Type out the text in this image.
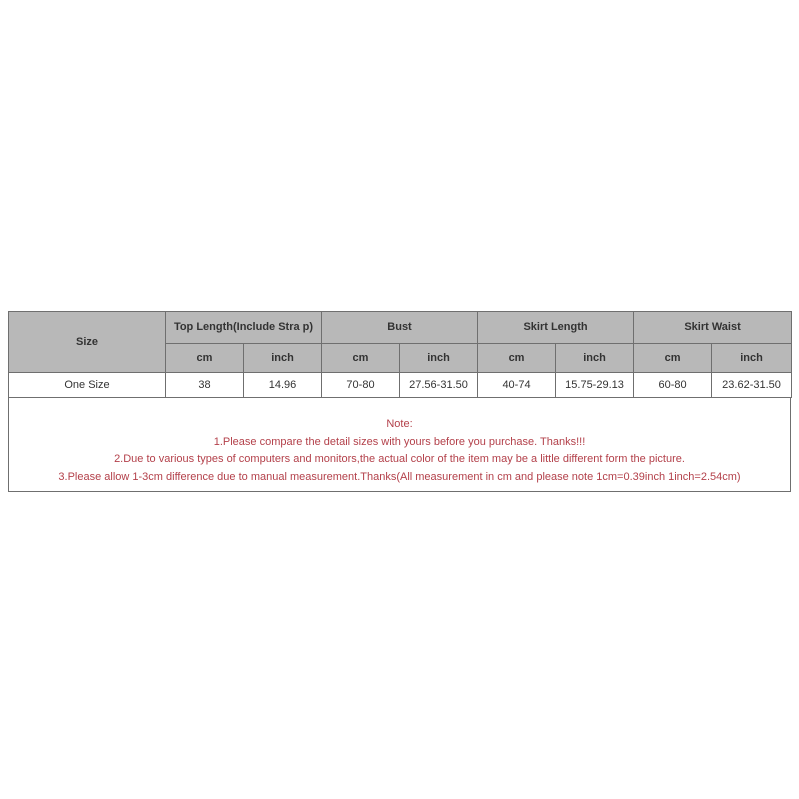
Size	Top Length(Include Stra p)		Bust		Skirt Length		Skirt Waist	
	cm	inch	cm	inch	cm	inch	cm	inch
One Size	38	14.96	70-80	27.56-31.50	40-74	15.75-29.13	60-80	23.62-31.50
Note:
1.Please compare the detail sizes with yours before you purchase. Thanks!!!
2.Due to various types of computers and monitors,the actual color of the item may be a little different form the picture.
3.Please allow 1-3cm difference due to manual measurement.Thanks(All measurement in cm and please note 1cm=0.39inch 1inch=2.54cm)
